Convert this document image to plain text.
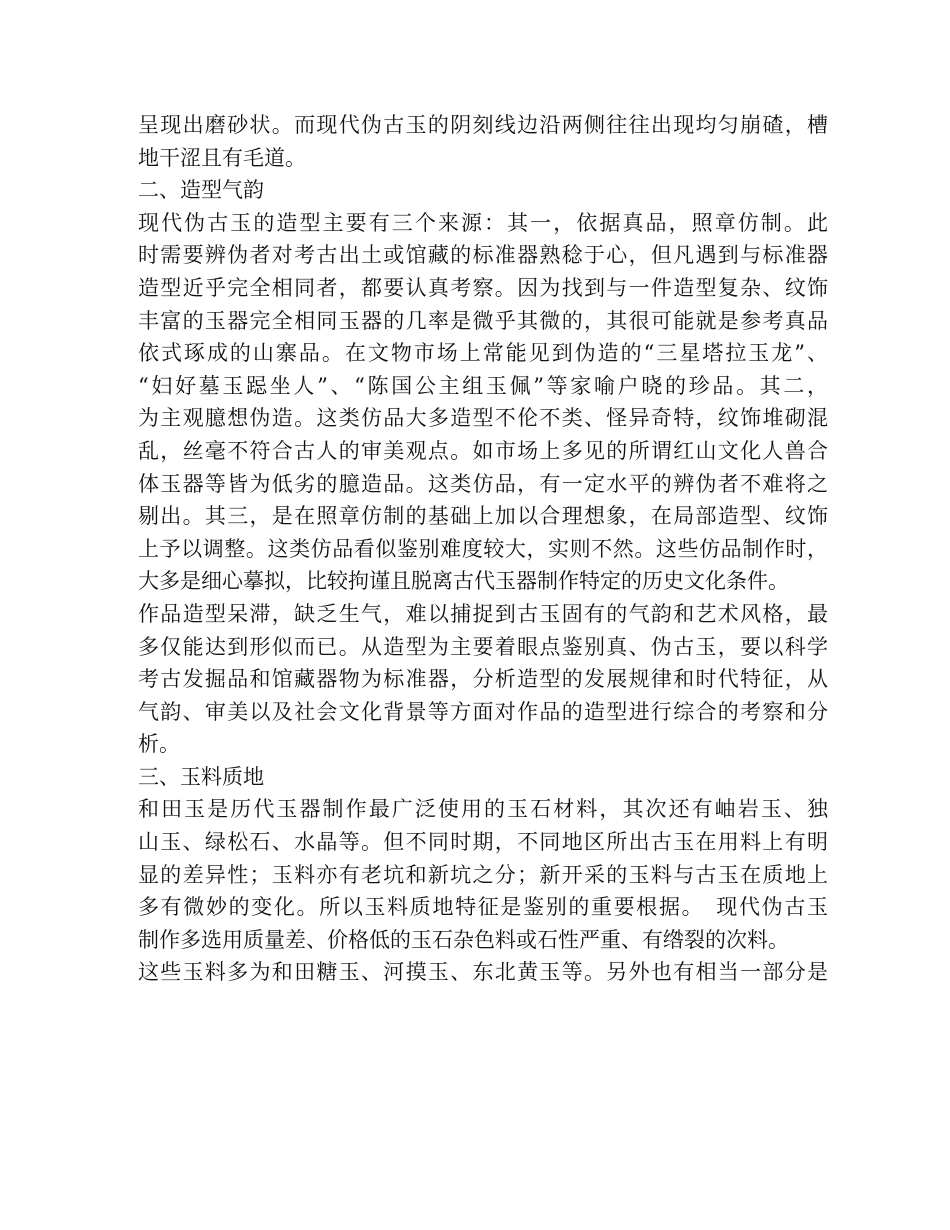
呈现出磨砂状。而现代伪古玉的阴刻线边沿两侧往往出现均匀崩碴，槽
地干涩且有毛道。
二、造型气韵
现代伪古玉的造型主要有三个来源：其一，依据真品，照章仿制。此
时需要辨伪者对考古出土或馆藏的标准器熟稔于心，但凡遇到与标准器
造型近乎完全相同者，都要认真考察。因为找到与一件造型复杂、纹饰
丰富的玉器完全相同玉器的几率是微乎其微的，其很可能就是参考真品
依式琢成的山寨品。在文物市场上常能见到伪造的“三星塔拉玉龙”、
“妇好墓玉跽坐人”、“陈国公主组玉佩”等家喻户晓的珍品。其二，
为主观臆想伪造。这类仿品大多造型不伦不类、怪异奇特，纹饰堆砌混
乱，丝毫不符合古人的审美观点。如市场上多见的所谓红山文化人兽合
体玉器等皆为低劣的臆造品。这类仿品，有一定水平的辨伪者不难将之
剔出。其三，是在照章仿制的基础上加以合理想象，在局部造型、纹饰
上予以调整。这类仿品看似鉴别难度较大，实则不然。这些仿品制作时，
大多是细心摹拟，比较拘谨且脱离古代玉器制作特定的历史文化条件。
作品造型呆滞，缺乏生气，难以捕捉到古玉固有的气韵和艺术风格，最
多仅能达到形似而已。从造型为主要着眼点鉴别真、伪古玉，要以科学
考古发掘品和馆藏器物为标准器，分析造型的发展规律和时代特征，从
气韵、审美以及社会文化背景等方面对作品的造型进行综合的考察和分
析。
三、玉料质地
和田玉是历代玉器制作最广泛使用的玉石材料，其次还有岫岩玉、独
山玉、绿松石、水晶等。但不同时期，不同地区所出古玉在用料上有明
显的差异性；玉料亦有老坑和新坑之分；新开采的玉料与古玉在质地上
多有微妙的变化。所以玉料质地特征是鉴别的重要根据。　现代伪古玉
制作多选用质量差、价格低的玉石杂色料或石性严重、有绺裂的次料。
这些玉料多为和田糖玉、河摸玉、东北黄玉等。另外也有相当一部分是
